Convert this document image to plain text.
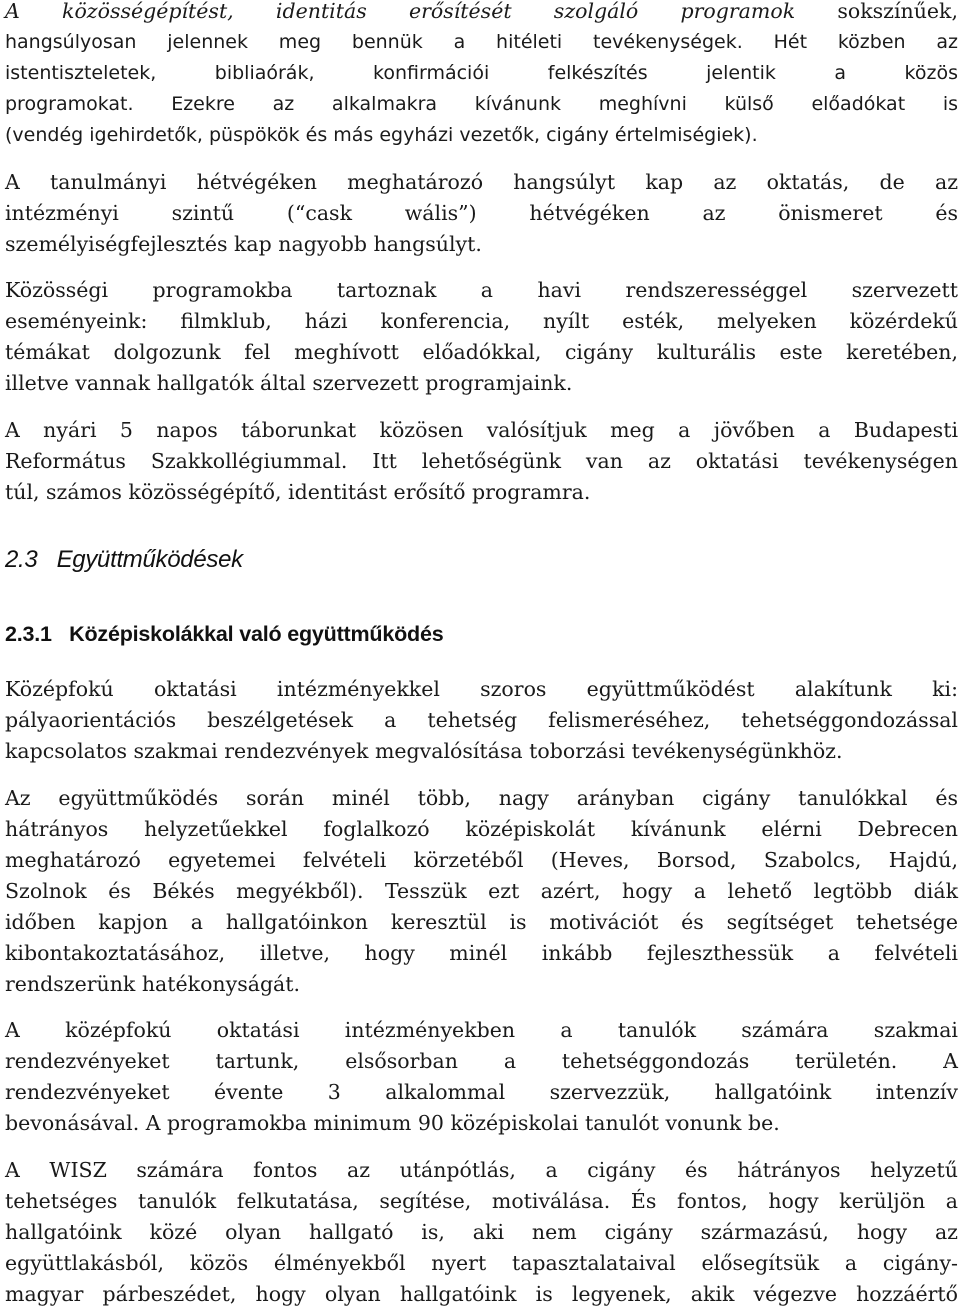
A közösségépítést, identitás erősítését szolgáló programok sokszínűek,
hangsúlyosan jelennek meg bennük a hitéleti tevékenységek. Hét közben az
istentiszteletek, bibliaórák, konfirmációi felkészítés jelentik a közös
programokat. Ezekre az alkalmakra kívánunk meghívni külső előadókat is
(vendég igehirdetők, püspökök és más egyházi vezetők, cigány értelmiségiek).
A tanulmányi hétvégéken meghatározó hangsúlyt kap az oktatás, de az
intézményi szintű (“cask wális”) hétvégéken az önismeret és
személyiségfejlesztés kap nagyobb hangsúlyt.
Közösségi programokba tartoznak a havi rendszerességgel szervezett
eseményeink: filmklub, házi konferencia, nyílt esték, melyeken közérdekű
témákat dolgozunk fel meghívott előadókkal, cigány kulturális este keretében,
illetve vannak hallgatók által szervezett programjaink.
A nyári 5 napos táborunkat közösen valósítjuk meg a jövőben a Budapesti
Református Szakkollégiummal. Itt lehetőségünk van az oktatási tevékenységen
túl, számos közösségépítő, identitást erősítő programra.
2.3   Együttműködések
2.3.1   Középiskolákkal való együttműködés
Középfokú oktatási intézményekkel szoros együttműködést alakítunk ki:
pályaorientációs beszélgetések a tehetség felismeréséhez, tehetséggondozással
kapcsolatos szakmai rendezvények megvalósítása toborzási tevékenységünkhöz.
Az együttműködés során minél több, nagy arányban cigány tanulókkal és
hátrányos helyzetűekkel foglalkozó középiskolát kívánunk elérni Debrecen
meghatározó egyetemei felvételi körzetéből (Heves, Borsod, Szabolcs, Hajdú,
Szolnok és Békés megyékből). Tesszük ezt azért, hogy a lehető legtöbb diák
időben kapjon a hallgatóinkon keresztül is motivációt és segítséget tehetsége
kibontakoztatásához, illetve, hogy minél inkább fejleszthessük a felvételi
rendszerünk hatékonyságát.
A középfokú oktatási intézményekben a tanulók számára szakmai
rendezvényeket tartunk, elsősorban a tehetséggondozás területén. A
rendezvényeket évente 3 alkalommal szervezzük, hallgatóink intenzív
bevonásával. A programokba minimum 90 középiskolai tanulót vonunk be.
A WISZ számára fontos az utánpótlás, a cigány és hátrányos helyzetű
tehetséges tanulók felkutatása, segítése, motiválása. És fontos, hogy kerüljön a
hallgatóink közé olyan hallgató is, aki nem cigány származású, hogy az
együttlakásból, közös élményekből nyert tapasztalataival elősegítsük a cigány-
magyar párbeszédet, hogy olyan hallgatóink is legyenek, akik végezve hozzáértő
